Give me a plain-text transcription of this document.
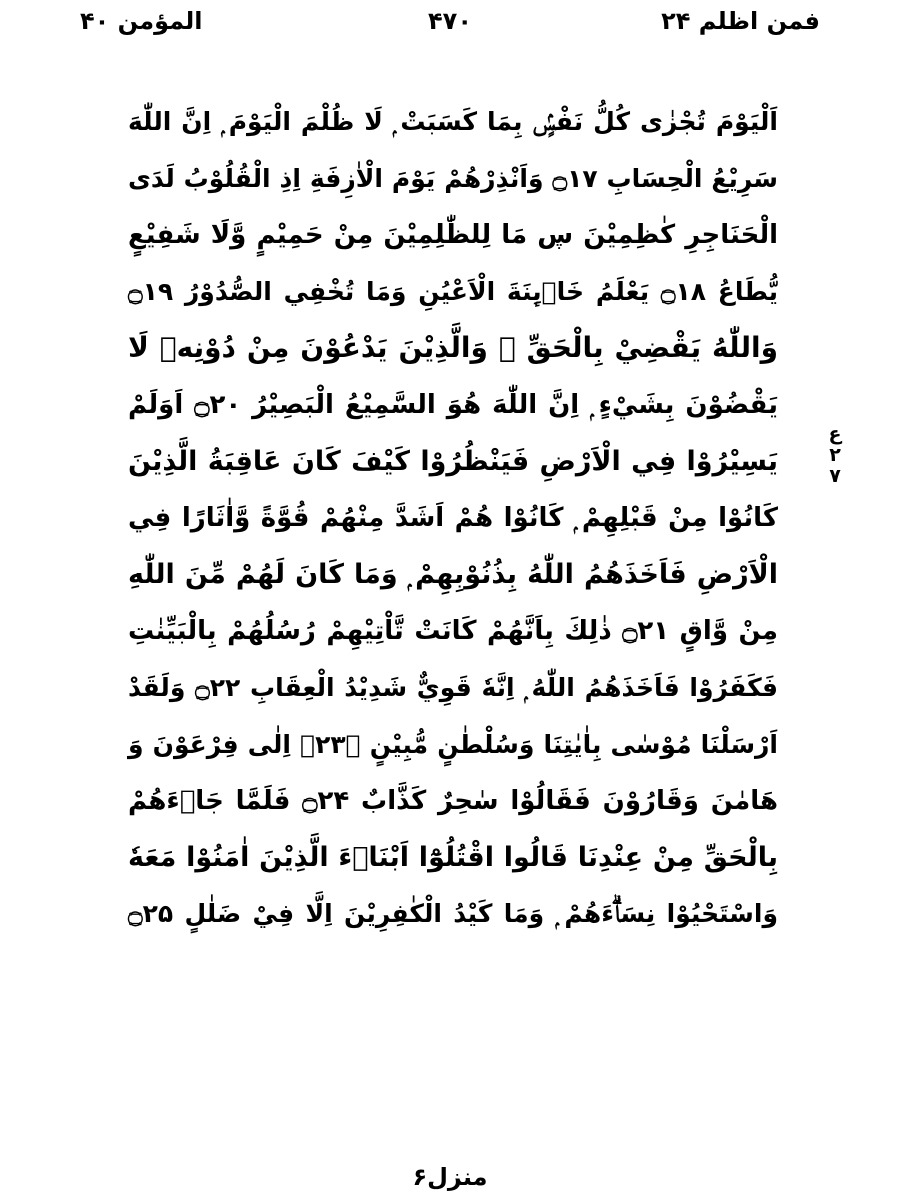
فمن اظلم ۲۴
۴۷۰
المؤمن ۴۰
اَلْيَوْمَ تُجْزٰى كُلُّ نَفْسٍۢ بِمَا كَسَبَتْ ۭ لَا ظُلْمَ الْيَوْمَ ۭ اِنَّ اللّٰهَ
سَرِيْعُ الْحِسَابِ ۝۱۷ وَاَنْذِرْهُمْ يَوْمَ الْاٰزِفَةِ اِذِ الْقُلُوْبُ لَدَى
الْحَنَاجِرِ كٰظِمِيْنَ ڛ مَا لِلظّٰلِمِيْنَ مِنْ حَمِيْمٍ وَّلَا شَفِيْعٍ
يُّطَاعُ ۝۱۸ يَعْلَمُ خَاۗىِٕنَةَ الْاَعْيُنِ وَمَا تُخْفِي الصُّدُوْرُ ۝۱۹
وَاللّٰهُ يَقْضِيْ بِالْحَقِّ ۭ وَالَّذِيْنَ يَدْعُوْنَ مِنْ دُوْنِهٖ لَا
يَقْضُوْنَ بِشَيْءٍ ۭ اِنَّ اللّٰهَ هُوَ السَّمِيْعُ الْبَصِيْرُ ۝۲۰ اَوَلَمْ
يَسِيْرُوْا فِي الْاَرْضِ فَيَنْظُرُوْا كَيْفَ كَانَ عَاقِبَةُ الَّذِيْنَ
كَانُوْا مِنْ قَبْلِهِمْ ۭ كَانُوْا هُمْ اَشَدَّ مِنْهُمْ قُوَّةً وَّاٰثَارًا فِي
الْاَرْضِ فَاَخَذَهُمُ اللّٰهُ بِذُنُوْبِهِمْ ۭ وَمَا كَانَ لَهُمْ مِّنَ اللّٰهِ
مِنْ وَّاقٍ ۝۲۱ ذٰلِكَ بِاَنَّهُمْ كَانَتْ تَّاْتِيْهِمْ رُسُلُهُمْ بِالْبَيِّنٰتِ
فَكَفَرُوْا فَاَخَذَهُمُ اللّٰهُ ۭ اِنَّهٗ قَوِيٌّ شَدِيْدُ الْعِقَابِ ۝۲۲ وَلَقَدْ
اَرْسَلْنَا مُوْسٰى بِاٰيٰتِنَا وَسُلْطٰنٍ مُّبِيْنٍ ۝۲۳ۙ اِلٰى فِرْعَوْنَ وَ
هَامٰنَ وَقَارُوْنَ فَقَالُوْا سٰحِرٌ كَذَّابٌ ۝۲۴ فَلَمَّا جَاۗءَهُمْ
بِالْحَقِّ مِنْ عِنْدِنَا قَالُوا اقْتُلُوْٓا اَبْنَاۗءَ الَّذِيْنَ اٰمَنُوْا مَعَهٗ
وَاسْتَحْيُوْا نِسَاۗءَهُمْ ۭ وَمَا كَيْدُ الْكٰفِرِيْنَ اِلَّا فِيْ ضَلٰلٍ ۝۲۵
ع
۲
۷
منزل۶
